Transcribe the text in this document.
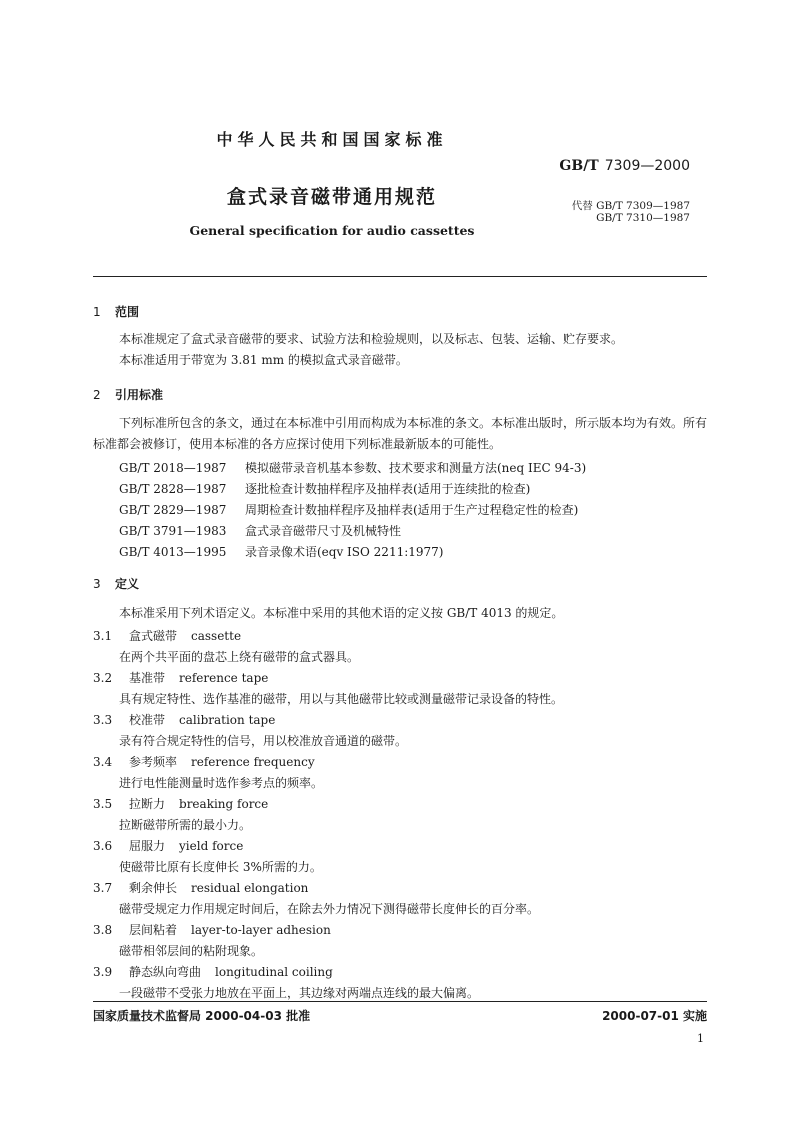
中华人民共和国国家标准
GB/T 7309—2000
盒式录音磁带通用规范	代替 GB/T 7309—1987
GB/T 7310—1987
General specification for audio cassettes
1 范围

本标准规定了盒式录音磁带的要求、试验方法和检验规则，以及标志、包装、运输、贮存要求。

本标准适用于带宽为 3.81 mm 的模拟盒式录音磁带。

2 引用标准

下列标准所包含的条文，通过在本标准中引用而构成为本标准的条文。本标准出版时，所示版本均为有效。所有标准都会被修订，使用本标准的各方应探讨使用下列标准最新版本的可能性。

GB/T 2018—1987 模拟磁带录音机基本参数、技术要求和测量方法(neq IEC 94-3)
GB/T 2828—1987 逐批检查计数抽样程序及抽样表(适用于连续批的检查)
GB/T 2829—1987 周期检查计数抽样程序及抽样表(适用于生产过程稳定性的检查)
GB/T 3791—1983 盒式录音磁带尺寸及机械特性
GB/T 4013—1995 录音录像术语(eqv ISO 2211:1977)
3 定义

本标准采用下列术语定义。本标准中采用的其他术语的定义按 GB/T 4013 的规定。

3.1 盒式磁带 cassette
在两个共平面的盘芯上绕有磁带的盒式器具。
3.2 基准带 reference tape
具有规定特性、选作基准的磁带，用以与其他磁带比较或测量磁带记录设备的特性。
3.3 校准带 calibration tape
录有符合规定特性的信号，用以校准放音通道的磁带。
3.4 参考频率 reference frequency
进行电性能测量时选作参考点的频率。
3.5 拉断力 breaking force
拉断磁带所需的最小力。
3.6 屈服力 yield force
使磁带比原有长度伸长 3%所需的力。
3.7 剩余伸长 residual elongation
磁带受规定力作用规定时间后，在除去外力情况下测得磁带长度伸长的百分率。
3.8 层间粘着 layer-to-layer adhesion
磁带相邻层间的粘附现象。
3.9 静态纵向弯曲 longitudinal coiling
一段磁带不受张力地放在平面上，其边缘对两端点连线的最大偏离。
国家质量技术监督局 2000-04-03 批准	2000-07-01 实施
1
